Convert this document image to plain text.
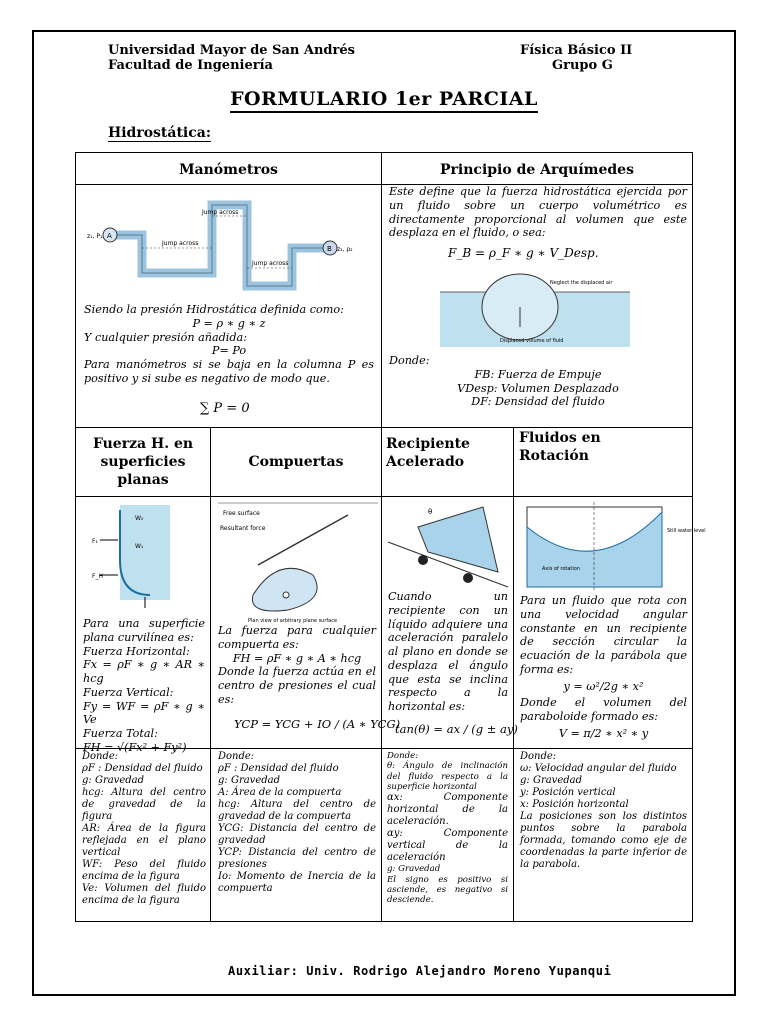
Universidad Mayor de San Andrés
Facultad de Ingeniería
Física Básico II
Grupo G
FORMULARIO 1er PARCIAL
Hidrostática:
Manómetros	Principio de Arquímedes
A
B
Jump across
Jump across
Jump across
z₁, P₁
z₂, ρ₂

Siendo la presión Hidrostática definida como:

P = ρ ∗ g ∗ z

Y cualquier presión añadida:

P= Po

Para manómetros si se baja en la columna P es positivo y si sube es negativo de modo que.

∑ P = 0
Este define que la fuerza hidrostática ejercida por un fluido sobre un cuerpo volumétrico es directamente proporcional al volumen que este desplaza en el fluido, o sea:
F_B = ρ_F ∗ g ∗ V_Desp.
Neglect the displaced air
Displaced volume of fluid

Donde:

FB: Fuerza de Empuje

VDesp: Volumen Desplazado

DF: Densidad del fluido

Fuerza H. en superficies planas
Compuertas
Recipiente Acelerado
Fluidos en Rotación
F₁
F_H
W₂
W₁

Para una superficie plana curvilínea es:

Fuerza Horizontal:

Fx = ρF ∗ g ∗ AR ∗ hcg

Fuerza Vertical:

Fy = WF = ρF ∗ g ∗ Ve

Fuerza Total:

FH = √(Fx² + Fy²)

Free surface
Resultant force
Plan view of arbitrary plane surface

La fuerza para cualquier compuerta es:

FH = ρF ∗ g ∗ A ∗ hcg

Donde la fuerza actúa en el centro de presiones el cual es:

YCP = YCG + IO / (A ∗ YCG)
θ
Cuando un recipiente con un líquido adquiere una aceleración paralelo al plano en donde se desplaza el ángulo que esta se inclina respecto a la horizontal es:
tan(θ) = ax / (g ± ay)
Still water level
Axis of rotation

Para un fluido que rota con una velocidad angular constante en un recipiente de sección circular la ecuación de la parábola que forma es:

y = ω²/2g ∗ x²

Donde el volumen del paraboloide formado es:

V = π/2 ∗ x² ∗ y

Donde:

ρF : Densidad del fluido

g: Gravedad

hcg: Altura del centro de gravedad de la figura

AR: Área de la figura reflejada en el plano vertical

WF: Peso del fluido encima de la figura

Ve: Volumen del fluido encima de la figura

Donde:

ρF : Densidad del fluido

g: Gravedad

A: Área de la compuerta

hcg: Altura del centro de gravedad de la compuerta

YCG: Distancia del centro de gravedad

YCP: Distancia del centro de presiones

Io: Momento de Inercia de la compuerta

Donde:

θ: Ángulo de inclinación del fluido respecto a la superficie horizontal

αx: Componente horizontal de la aceleración.

αy: Componente vertical de la aceleración

g: Gravedad

El signo es positivo si asciende, es negativo si desciende.

Donde:

ω: Velocidad angular del fluido

g: Gravedad

y: Posición vertical

x: Posición horizontal

La posiciones son los distintos puntos sobre la parabola formada, tomando como eje de coordenadas la parte inferior de la parabola.

Auxiliar: Univ. Rodrigo Alejandro Moreno Yupanqui
